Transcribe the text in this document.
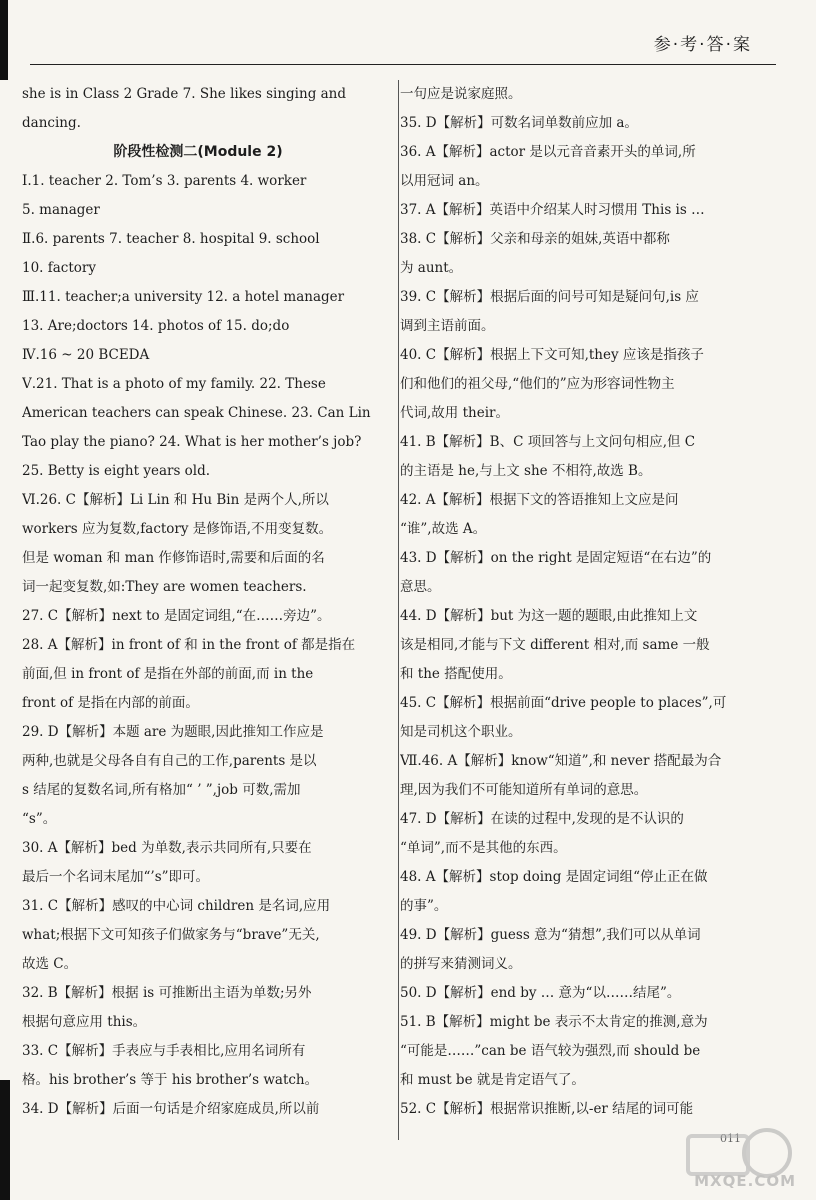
参·考·答·案
she is in Class 2 Grade 7. She likes singing and
dancing.
阶段性检测二(Module 2)
Ⅰ.1. teacher 2. Tom’s 3. parents 4. worker
5. manager
Ⅱ.6. parents 7. teacher 8. hospital 9. school
10. factory
Ⅲ.11. teacher;a university 12. a hotel manager
13. Are;doctors 14. photos of 15. do;do
Ⅳ.16 ~ 20 BCEDA
Ⅴ.21. That is a photo of my family. 22. These
American teachers can speak Chinese. 23. Can Lin
Tao play the piano? 24. What is her mother’s job?
25. Betty is eight years old.
Ⅵ.26. C【解析】Li Lin 和 Hu Bin 是两个人,所以
workers 应为复数,factory 是修饰语,不用变复数。
但是 woman 和 man 作修饰语时,需要和后面的名
词一起变复数,如:They are women teachers.
27. C【解析】next to 是固定词组,“在……旁边”。
28. A【解析】in front of 和 in the front of 都是指在
前面,但 in front of 是指在外部的前面,而 in the
front of 是指在内部的前面。
29. D【解析】本题 are 为题眼,因此推知工作应是
两种,也就是父母各自有自己的工作,parents 是以
s 结尾的复数名词,所有格加“ ’ ”,job 可数,需加
“s”。
30. A【解析】bed 为单数,表示共同所有,只要在
最后一个名词末尾加“’s”即可。
31. C【解析】感叹的中心词 children 是名词,应用
what;根据下文可知孩子们做家务与“brave”无关,
故选 C。
32. B【解析】根据 is 可推断出主语为单数;另外
根据句意应用 this。
33. C【解析】手表应与手表相比,应用名词所有
格。his brother’s 等于 his brother’s watch。
34. D【解析】后面一句话是介绍家庭成员,所以前
一句应是说家庭照。
35. D【解析】可数名词单数前应加 a。
36. A【解析】actor 是以元音音素开头的单词,所
以用冠词 an。
37. A【解析】英语中介绍某人时习惯用 This is …
38. C【解析】父亲和母亲的姐妹,英语中都称
为 aunt。
39. C【解析】根据后面的问号可知是疑问句,is 应
调到主语前面。
40. C【解析】根据上下文可知,they 应该是指孩子
们和他们的祖父母,“他们的”应为形容词性物主
代词,故用 their。
41. B【解析】B、C 项回答与上文问句相应,但 C
的主语是 he,与上文 she 不相符,故选 B。
42. A【解析】根据下文的答语推知上文应是问
“谁”,故选 A。
43. D【解析】on the right 是固定短语“在右边”的
意思。
44. D【解析】but 为这一题的题眼,由此推知上文
该是相同,才能与下文 different 相对,而 same 一般
和 the 搭配使用。
45. C【解析】根据前面“drive people to places”,可
知是司机这个职业。
Ⅶ.46. A【解析】know“知道”,和 never 搭配最为合
理,因为我们不可能知道所有单词的意思。
47. D【解析】在读的过程中,发现的是不认识的
“单词”,而不是其他的东西。
48. A【解析】stop doing 是固定词组“停止正在做
的事”。
49. D【解析】guess 意为“猜想”,我们可以从单词
的拼写来猜测词义。
50. D【解析】end by … 意为“以……结尾”。
51. B【解析】might be 表示不太肯定的推测,意为
“可能是……”can be 语气较为强烈,而 should be
和 must be 就是肯定语气了。
52. C【解析】根据常识推断,以-er 结尾的词可能
011
MXQE.COM
